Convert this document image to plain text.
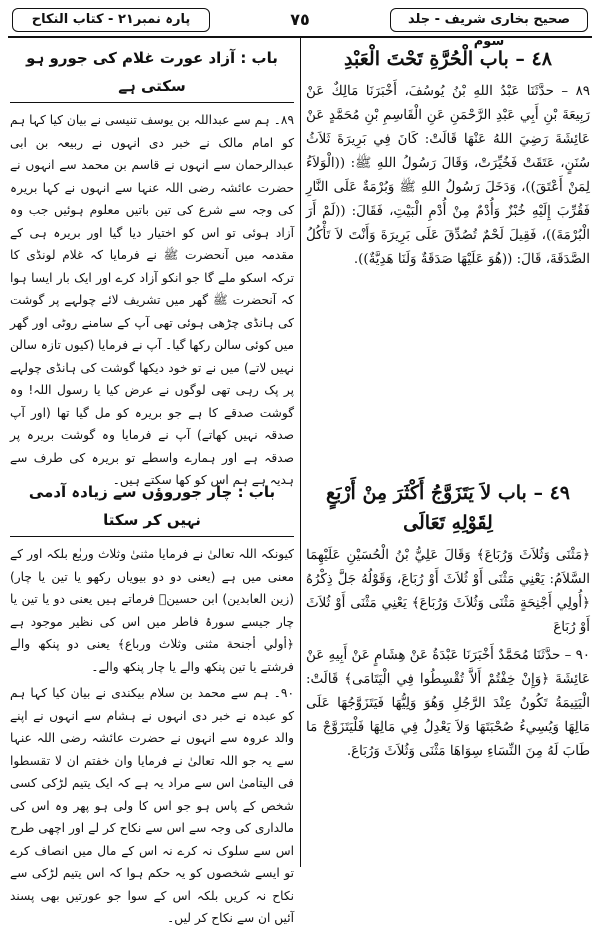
صحیح بخاری شریف - جلد سوم
٧٥
پارہ نمبر۲۱ - کتاب النکاح
٤٨ – باب الْحُرَّةِ تَحْتَ الْعَبْدِ

٨٩ – حدَّثَنَا عَبْدُ اللهِ بْنُ يُوسُفَ، أَخْبَرَنَا مَالِكٌ عَنْ رَبِيعَةَ بْنِ أَبِي عَبْدِ الرَّحْمَنِ عَنِ الْقَاسِمِ بْنِ مُحَمَّدٍ عَنْ عَائِشَةَ رَضِيَ اللهُ عَنْهَا قَالَتْ: كَانَ فِي بَرِيرَةَ ثَلاَثُ سُنَنٍ، عَتَقَتْ فَخُيِّرَتْ، وَقَالَ رَسُولُ اللهِ ﷺ: ((الْوَلاَءُ لِمَنْ أَعْتَقَ))، وَدَخَلَ رَسُولُ اللهِ ﷺ وَبُرْمَةٌ عَلَى النَّارِ فَقُرِّبَ إِلَيْهِ خُبْزٌ وَأُدْمٌ مِنْ أُدْمِ الْبَيْتِ، فَقَالَ: ((لَمْ أَرَ الْبُرْمَةَ))، فَقِيلَ لَحْمٌ تُصُدِّقَ عَلَى بَرِيرَةَ وَأَنْتَ لاَ تَأْكُلُ الصَّدَقَةَ، قَالَ: ((هُوَ عَلَيْهَا صَدَقَةٌ وَلَنَا هَدِيَّةٌ)).

٤٩ – باب لاَ يَتَزَوَّجُ أَكْثَرَ مِنْ أَرْبَعٍ لِقَوْلِهِ تَعَالَى

﴿مَثْنَى وَثُلاَثَ وَرُبَاعَ﴾ وَقَالَ عَلِيُّ بْنُ الْحُسَيْنِ عَلَيْهِمَا السَّلاَمُ: يَعْنِي مَثْنَى أَوْ ثُلاَثَ أَوْ رُبَاعَ، وَقَوْلُهُ جَلَّ ذِكْرُهُ ﴿أُولِي أَجْنِحَةٍ مَثْنَى وَثُلاَثَ وَرُبَاعَ﴾ يَعْنِي مَثْنَى أَوْ ثُلاَثَ أَوْ رُبَاعَ

٩٠ – حدَّثَنَا مُحَمَّدٌ أَخْبَرَنَا عَبْدَةُ عَنْ هِشَامٍ عَنْ أَبِيهِ عَنْ عَائِشَةَ ﴿وَإِنْ خِفْتُمْ أَلاَّ تُقْسِطُوا فِي الْيَتَامَى﴾ قَالَتْ: الْيَتِيمَةُ تَكُونُ عِنْدَ الرَّجُلِ وَهُوَ وَلِيُّهَا فَيَتَزَوَّجُهَا عَلَى مَالِهَا وَيُسِيءُ صُحْبَتَهَا وَلاَ يَعْدِلُ فِي مَالِهَا فَلْيَتَزَوَّجْ مَا طَابَ لَهُ مِنَ النِّسَاءِ سِوَاهَا مَثْنَى وَثُلاَثَ وَرُبَاعَ.

باب : آزاد عورت غلام کی جورو ہو سکتی ہے

٨٩۔ ہم سے عبداللہ بن یوسف تنیسی نے بیان کیا کہا ہم کو امام مالک نے خبر دی انہوں نے ربیعہ بن ابی عبدالرحمان سے انہوں نے قاسم بن محمد سے انہوں نے حضرت عائشہ رضی اللہ عنہا سے انہوں نے کہا بریرہ کی وجہ سے شرع کی تین باتیں معلوم ہوئیں جب وہ آزاد ہوئی تو اس کو اختیار دیا گیا اور بریرہ ہی کے مقدمہ میں آنحضرت ﷺ نے فرمایا کہ غلام لونڈی کا ترکہ اسکو ملے گا جو انکو آزاد کرے اور ایک بار ایسا ہوا کہ آنحضرت ﷺ گھر میں تشریف لائے چولہے پر گوشت کی ہانڈی چڑھی ہوئی تھی آپ کے سامنے روٹی اور گھر میں کوئی سالن رکھا گیا۔ آپ نے فرمایا (کیوں تازہ سالن نہیں لاتے) میں نے تو خود دیکھا گوشت کی ہانڈی چولہے پر پک رہی تھی لوگوں نے عرض کیا یا رسول اللہ! وہ گوشت صدقے کا ہے جو بریرہ کو مل گیا تھا (اور آپ صدقہ نہیں کھاتے) آپ نے فرمایا وہ گوشت بریرہ پر صدقہ ہے اور ہمارے واسطے تو بریرہ کی طرف سے ہدیہ ہے ہم اس کو کھا سکتے ہیں۔

باب : چار جوروؤں سے زیادہ آدمی
نہیں کر سکتا

کیونکہ اللہ تعالیٰ نے فرمایا مثنیٰ وثلاث وربٰع بلکہ اور کے معنی میں ہے (یعنی دو دو بیویاں رکھو یا تین یا چار) (زین العابدین) ابن حسینؓ فرماتے ہیں یعنی دو یا تین یا چار جیسے سورۂ فاطر میں اس کی نظیر موجود ہے ﴿أولي أجنحة مثنى وثلاث ورباع﴾ یعنی دو پنکھ والے فرشتے یا تین پنکھ والے یا چار پنکھ والے۔

٩٠۔ ہم سے محمد بن سلام بیکندی نے بیان کیا کہا ہم کو عبدہ نے خبر دی انہوں نے ہشام سے انہوں نے اپنے والد عروہ سے انہوں نے حضرت عائشہ رضی اللہ عنہا سے یہ جو اللہ تعالیٰ نے فرمایا وان خفتم ان لا تقسطوا فی الیتامیٰ اس سے مراد یہ ہے کہ ایک یتیم لڑکی کسی شخص کے پاس ہو جو اس کا ولی ہو پھر وہ اس کی مالداری کی وجہ سے اس سے نکاح کر لے اور اچھی طرح اس سے سلوک نہ کرے نہ اس کے مال میں انصاف کرے تو ایسے شخصوں کو یہ حکم ہوا کہ اس یتیم لڑکی سے نکاح نہ کریں بلکہ اس کے سوا جو عورتیں بھی پسند آئیں ان سے نکاح کر لیں۔
